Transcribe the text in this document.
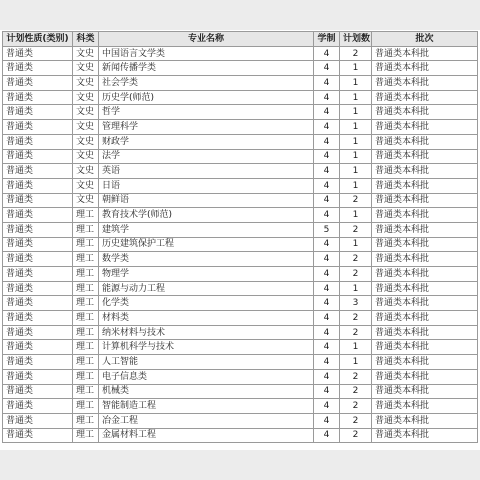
计划性质(类别)	科类	专业名称	学制	计划数	批次
普通类	文史	中国语言文学类	4	2	普通类本科批
普通类	文史	新闻传播学类	4	1	普通类本科批
普通类	文史	社会学类	4	1	普通类本科批
普通类	文史	历史学(师范)	4	1	普通类本科批
普通类	文史	哲学	4	1	普通类本科批
普通类	文史	管理科学	4	1	普通类本科批
普通类	文史	财政学	4	1	普通类本科批
普通类	文史	法学	4	1	普通类本科批
普通类	文史	英语	4	1	普通类本科批
普通类	文史	日语	4	1	普通类本科批
普通类	文史	朝鲜语	4	2	普通类本科批
普通类	理工	教育技术学(师范)	4	1	普通类本科批
普通类	理工	建筑学	5	2	普通类本科批
普通类	理工	历史建筑保护工程	4	1	普通类本科批
普通类	理工	数学类	4	2	普通类本科批
普通类	理工	物理学	4	2	普通类本科批
普通类	理工	能源与动力工程	4	1	普通类本科批
普通类	理工	化学类	4	3	普通类本科批
普通类	理工	材料类	4	2	普通类本科批
普通类	理工	纳米材料与技术	4	2	普通类本科批
普通类	理工	计算机科学与技术	4	1	普通类本科批
普通类	理工	人工智能	4	1	普通类本科批
普通类	理工	电子信息类	4	2	普通类本科批
普通类	理工	机械类	4	2	普通类本科批
普通类	理工	智能制造工程	4	2	普通类本科批
普通类	理工	冶金工程	4	2	普通类本科批
普通类	理工	金属材料工程	4	2	普通类本科批
